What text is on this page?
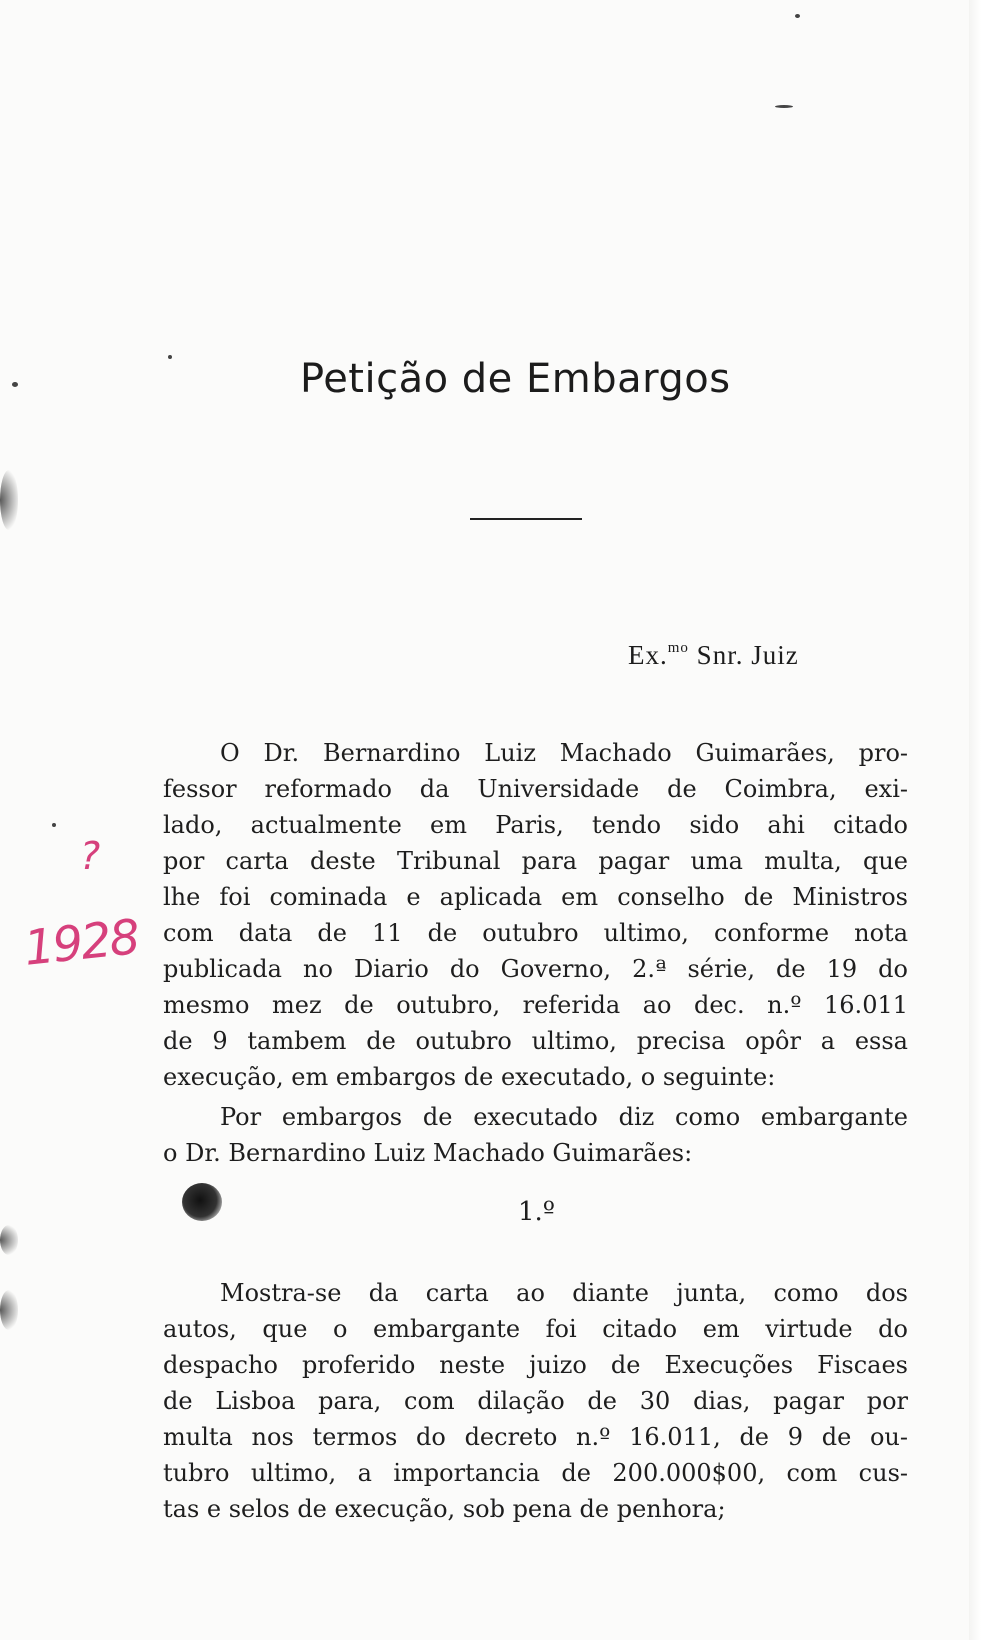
Petição de Embargos
Ex.$^{mo}$ Snr. Juiz
O Dr. Bernardino Luiz Machado Guimarães, pro-
fessor reformado da Universidade de Coimbra, exi-
lado, actualmente em Paris, tendo sido ahi citado
por carta deste Tribunal para pagar uma multa, que
lhe foi cominada e aplicada em conselho de Ministros
com data de 11 de outubro ultimo, conforme nota
publicada no Diario do Governo, 2.ª série, de 19 do
mesmo mez de outubro, referida ao dec. n.º 16.011
de 9 tambem de outubro ultimo, precisa opôr a essa
execução, em embargos de executado, o seguinte:
Por embargos de executado diz como embargante
o Dr. Bernardino Luiz Machado Guimarães:
1.º
Mostra-se da carta ao diante junta, como dos
autos, que o embargante foi citado em virtude do
despacho proferido neste juizo de Execuções Fiscaes
de Lisboa para, com dilação de 30 dias, pagar por
multa nos termos do decreto n.º 16.011, de 9 de ou-
tubro ultimo, a importancia de 200.000$00, com cus-
tas e selos de execução, sob pena de penhora;
?
1928
